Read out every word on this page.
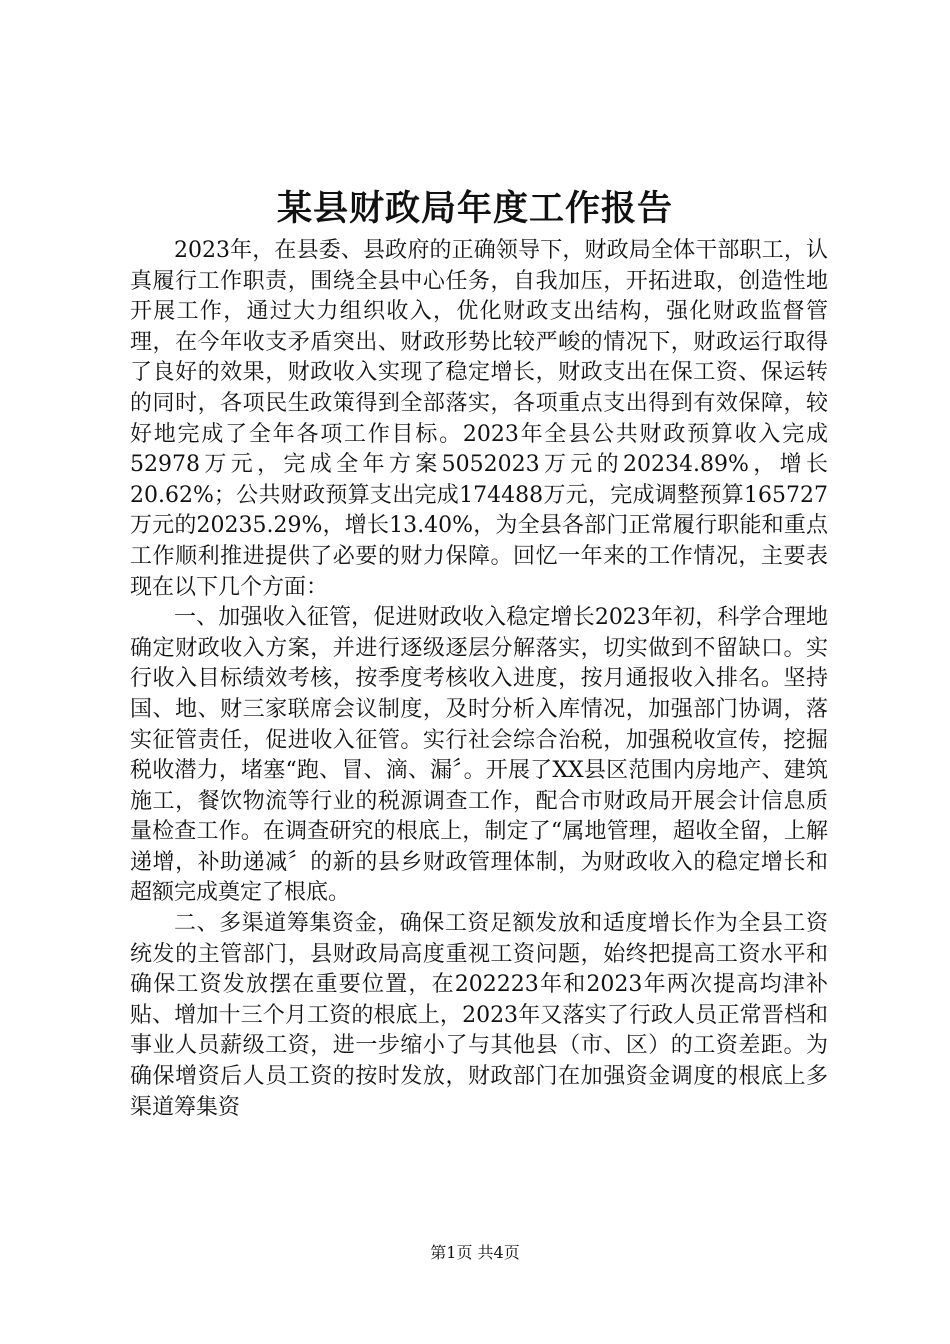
某县财政局年度工作报告

2023年，在县委、县政府的正确领导下，财政局全体干部职工，认真履行工作职责，围绕全县中心任务，自我加压，开拓进取，创造性地开展工作，通过大力组织收入，优化财政支出结构，强化财政监督管理，在今年收支矛盾突出、财政形势比较严峻的情况下，财政运行取得了良好的效果，财政收入实现了稳定增长，财政支出在保工资、保运转的同时，各项民生政策得到全部落实，各项重点支出得到有效保障，较好地完成了全年各项工作目标。2023年全县公共财政预算收入完成52978万元，完成全年方案5052023万元的20234.89%，增长20.62%；公共财政预算支出完成174488万元，完成调整预算165727万元的20235.29%，增长13.40%，为全县各部门正常履行职能和重点工作顺利推进提供了必要的财力保障。回忆一年来的工作情况，主要表现在以下几个方面：

一、加强收入征管，促进财政收入稳定增长2023年初，科学合理地确定财政收入方案，并进行逐级逐层分解落实，切实做到不留缺口。实行收入目标绩效考核，按季度考核收入进度，按月通报收入排名。坚持国、地、财三家联席会议制度，及时分析入库情况，加强部门协调，落实征管责任，促进收入征管。实行社会综合治税，加强税收宣传，挖掘税收潜力，堵塞“跑、冒、滴、漏〞。开展了XX县区范围内房地产、建筑施工，餐饮物流等行业的税源调查工作，配合市财政局开展会计信息质量检查工作。在调查研究的根底上，制定了“属地管理，超收全留，上解递增，补助递减〞的新的县乡财政管理体制，为财政收入的稳定增长和超额完成奠定了根底。

二、多渠道筹集资金，确保工资足额发放和适度增长作为全县工资统发的主管部门，县财政局高度重视工资问题，始终把提高工资水平和确保工资发放摆在重要位置，在202223年和2023年两次提高均津补贴、增加十三个月工资的根底上，2023年又落实了行政人员正常晋档和事业人员薪级工资，进一步缩小了与其他县（市、区）的工资差距。为确保增资后人员工资的按时发放，财政部门在加强资金调度的根底上多渠道筹集资

第1页 共4页
